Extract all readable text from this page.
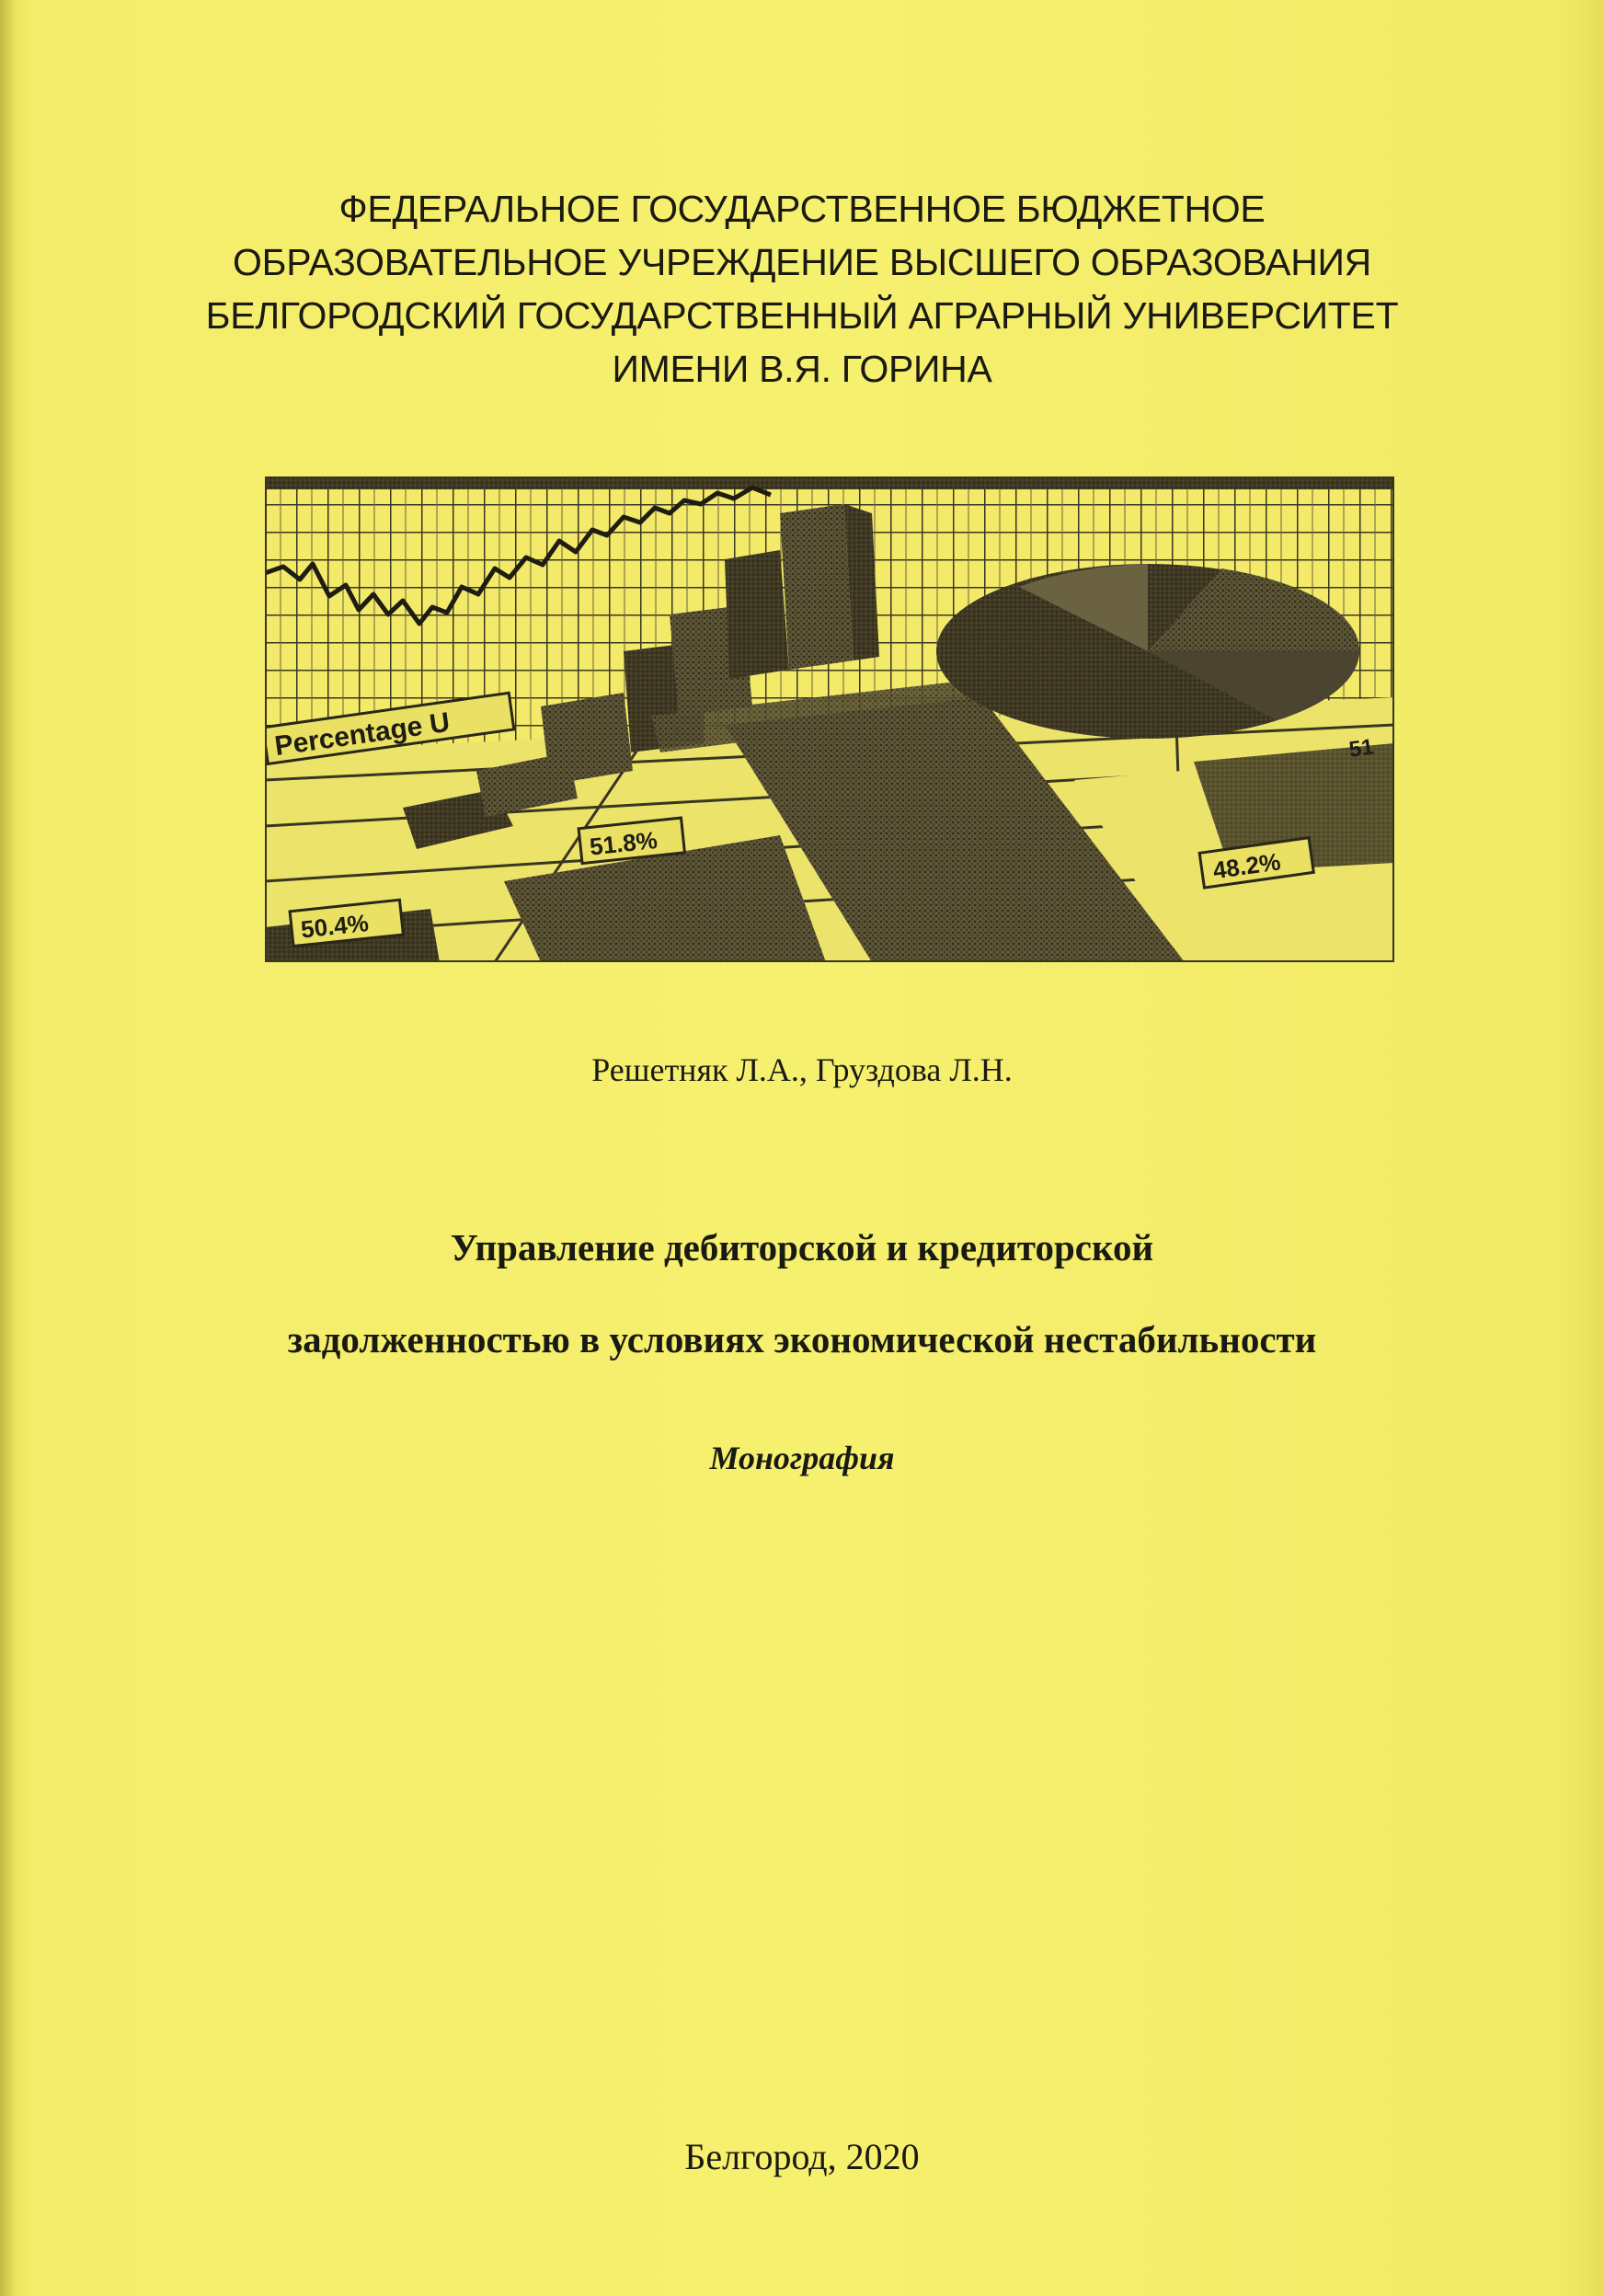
ФЕДЕРАЛЬНОЕ ГОСУДАРСТВЕННОЕ БЮДЖЕТНОЕ
ОБРАЗОВАТЕЛЬНОЕ УЧРЕЖДЕНИЕ ВЫСШЕГО ОБРАЗОВАНИЯ
БЕЛГОРОДСКИЙ ГОСУДАРСТВЕННЫЙ АГРАРНЫЙ УНИВЕРСИТЕТ
ИМЕНИ В.Я. ГОРИНА
Percentage U
51.8%
50.4%
48.2%
51
Решетняк Л.А., Груздова Л.Н.
Управление дебиторской и кредиторской
задолженностью в условиях экономической нестабильности
Монография
Белгород, 2020
